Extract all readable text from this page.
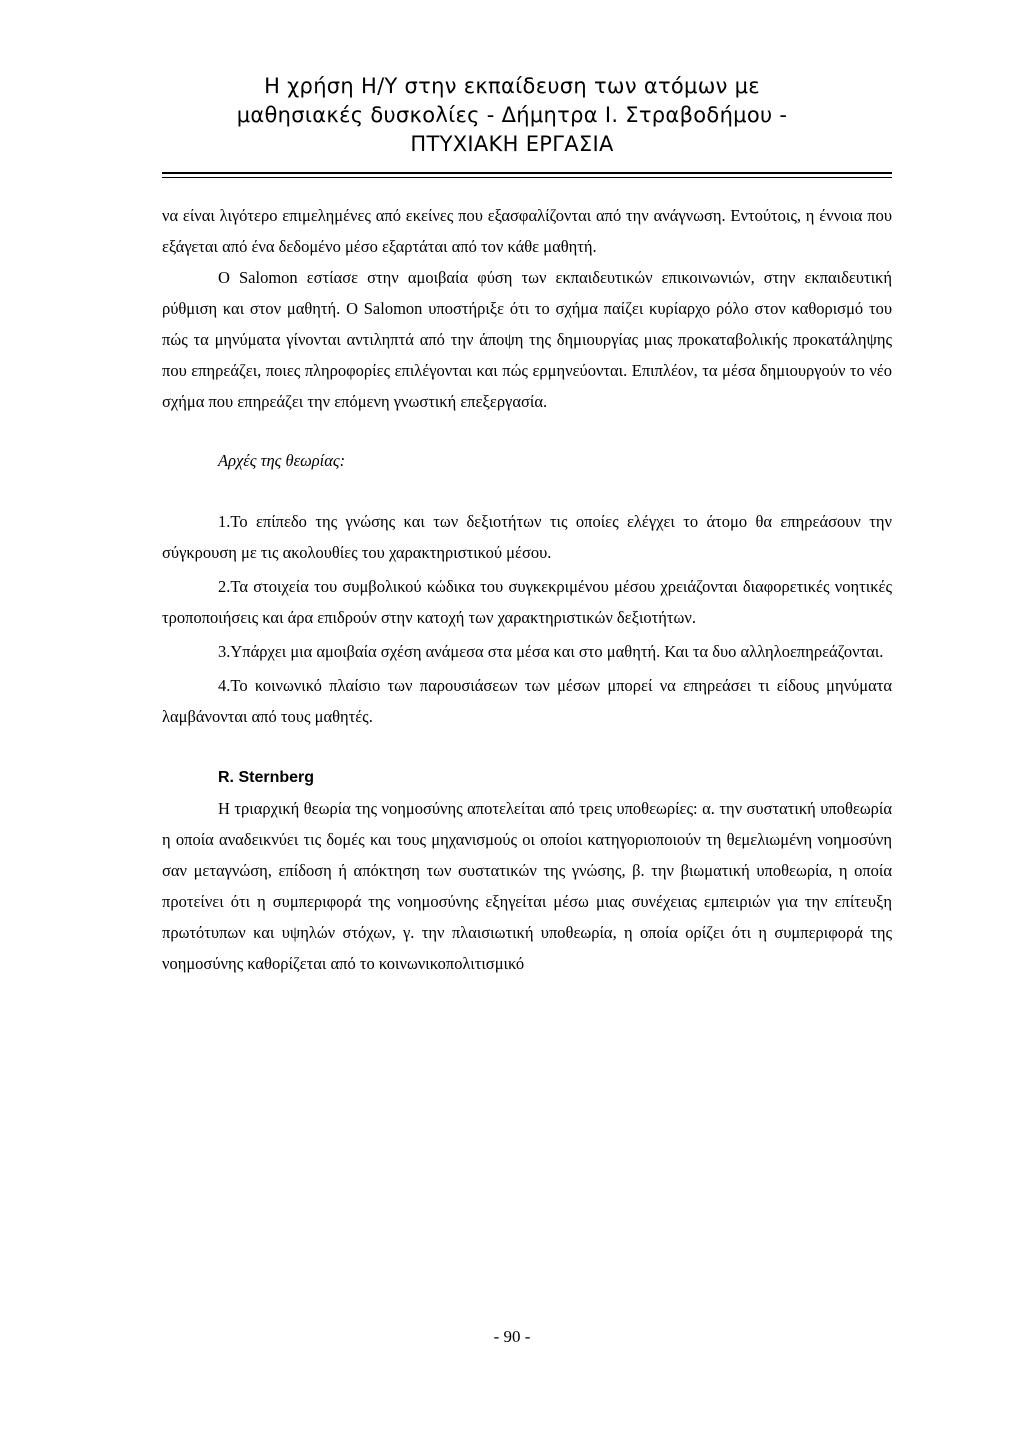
Η χρήση Η/Υ στην εκπαίδευση των ατόμων με
μαθησιακές δυσκολίες - Δήμητρα Ι. Στραβοδήμου -
ΠΤΥΧΙΑΚΗ ΕΡΓΑΣΙΑ

να είναι λιγότερο επιμελημένες από εκείνες που εξασφαλίζονται από την ανάγνωση. Εντούτοις, η έννοια που εξάγεται από ένα δεδομένο μέσο εξαρτάται από τον κάθε μαθητή.

Ο Salomon εστίασε στην αμοιβαία φύση των εκπαιδευτικών επικοινωνιών, στην εκπαιδευτική ρύθμιση και στον μαθητή. Ο Salomon υποστήριξε ότι το σχήμα παίζει κυρίαρχο ρόλο στον καθορισμό του πώς τα μηνύματα γίνονται αντιληπτά από την άποψη της δημιουργίας μιας προκαταβολικής προκατάληψης που επηρεάζει, ποιες πληροφορίες επιλέγονται και πώς ερμηνεύονται. Επιπλέον, τα μέσα δημιουργούν το νέο σχήμα που επηρεάζει την επόμενη γνωστική επεξεργασία.

Αρχές της θεωρίας:

1.Το επίπεδο της γνώσης και των δεξιοτήτων τις οποίες ελέγχει το άτομο θα επηρεάσουν την σύγκρουση με τις ακολουθίες του χαρακτηριστικού μέσου.

2.Τα στοιχεία του συμβολικού κώδικα του συγκεκριμένου μέσου χρειάζονται διαφορετικές νοητικές τροποποιήσεις και άρα επιδρούν στην κατοχή των χαρακτηριστικών δεξιοτήτων.

3.Υπάρχει μια αμοιβαία σχέση ανάμεσα στα μέσα και στο μαθητή. Και τα δυο αλληλοεπηρεάζονται.

4.Το κοινωνικό πλαίσιο των παρουσιάσεων των μέσων μπορεί να επηρεάσει τι είδους μηνύματα λαμβάνονται από τους μαθητές.

R. Sternberg

Η τριαρχική θεωρία της νοημοσύνης αποτελείται από τρεις υποθεωρίες: α. την συστατική υποθεωρία η οποία αναδεικνύει τις δομές και τους μηχανισμούς οι οποίοι κατηγοριοποιούν τη θεμελιωμένη νοημοσύνη σαν μεταγνώση, επίδοση ή απόκτηση των συστατικών της γνώσης, β. την βιωματική υποθεωρία, η οποία προτείνει ότι η συμπεριφορά της νοημοσύνης εξηγείται μέσω μιας συνέχειας εμπειριών για την επίτευξη πρωτότυπων και υψηλών στόχων, γ. την πλαισιωτική υποθεωρία, η οποία ορίζει ότι η συμπεριφορά της νοημοσύνης καθορίζεται από το κοινωνικοπολιτισμικό

- 90 -
